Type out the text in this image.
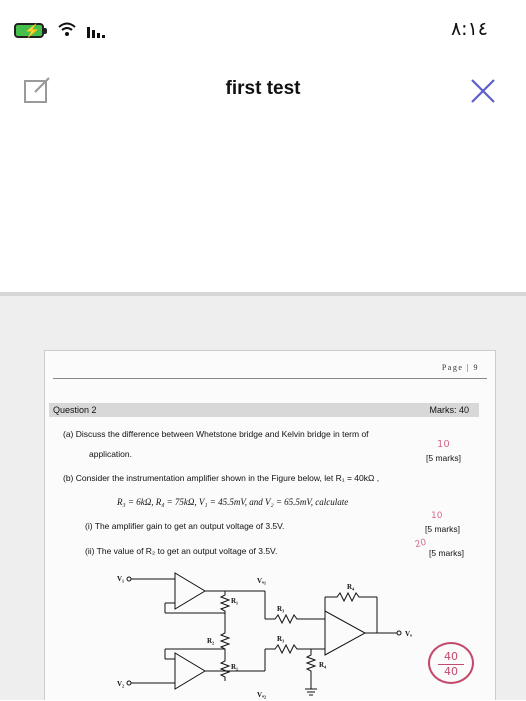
⚡	٨:١٤
first test
Page | 9
Question 2	Marks: 40
(a) Discuss the difference between Whetstone bridge and Kelvin bridge in term of
application.	[5 marks]
10
(b) Consider the instrumentation amplifier shown in the Figure below, let R₁ = 40kΩ ,
R₃ = 6kΩ, R₄ = 75kΩ, V₁ = 45.5mV, and V₂ = 65.5mV, calculate
(i) The amplifier gain to get an output voltage of 3.5V.	[5 marks]
10
(ii) The value of R₂ to get an output voltage of 3.5V.	[5 marks]
20
V₁
V₂
R₁
R₂
R₁
Vₒ₁
Vₒ₂
R₄
R₃
R₃
R₄
Vₒ
40
40
